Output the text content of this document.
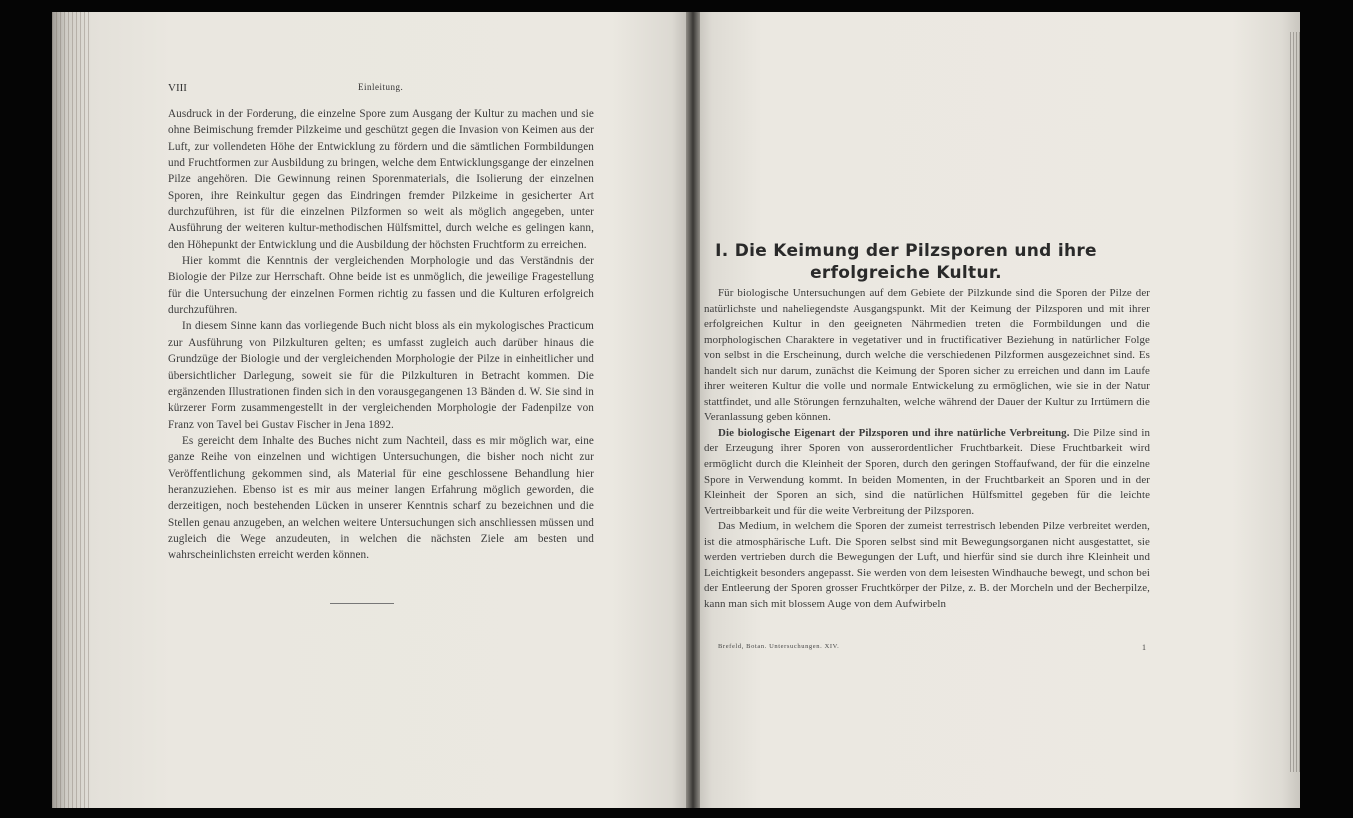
VIII	Einleitung.

Ausdruck in der Forderung, die einzelne Spore zum Ausgang der Kultur zu machen und sie ohne Beimischung fremder Pilzkeime und geschützt gegen die Invasion von Keimen aus der Luft, zur vollendeten Höhe der Entwicklung zu fördern und die sämtlichen Formbildungen und Fruchtformen zur Ausbildung zu bringen, welche dem Entwicklungsgange der einzelnen Pilze angehören. Die Gewinnung reinen Sporenmaterials, die Isolierung der einzelnen Sporen, ihre Reinkultur gegen das Eindringen fremder Pilzkeime in gesicherter Art durchzuführen, ist für die einzelnen Pilzformen so weit als möglich angegeben, unter Ausführung der weiteren kultur-methodischen Hülfsmittel, durch welche es gelingen kann, den Höhepunkt der Entwicklung und die Ausbildung der höchsten Fruchtform zu erreichen.

Hier kommt die Kenntnis der vergleichenden Morphologie und das Verständnis der Biologie der Pilze zur Herrschaft. Ohne beide ist es unmöglich, die jeweilige Fragestellung für die Untersuchung der einzelnen Formen richtig zu fassen und die Kulturen erfolgreich durchzuführen.

In diesem Sinne kann das vorliegende Buch nicht bloss als ein mykologisches Practicum zur Ausführung von Pilzkulturen gelten; es umfasst zugleich auch darüber hinaus die Grundzüge der Biologie und der vergleichenden Morphologie der Pilze in einheitlicher und übersichtlicher Darlegung, soweit sie für die Pilzkulturen in Betracht kommen. Die ergänzenden Illustrationen finden sich in den vorausgegangenen 13 Bänden d. W. Sie sind in kürzerer Form zusammengestellt in der vergleichenden Morphologie der Fadenpilze von Franz von Tavel bei Gustav Fischer in Jena 1892.

Es gereicht dem Inhalte des Buches nicht zum Nachteil, dass es mir möglich war, eine ganze Reihe von einzelnen und wichtigen Untersuchungen, die bisher noch nicht zur Veröffentlichung gekommen sind, als Material für eine geschlossene Behandlung hier heranzuziehen. Ebenso ist es mir aus meiner langen Erfahrung möglich geworden, die derzeitigen, noch bestehenden Lücken in unserer Kenntnis scharf zu bezeichnen und die Stellen genau anzugeben, an welchen weitere Untersuchungen sich anschliessen müssen und zugleich die Wege anzudeuten, in welchen die nächsten Ziele am besten und wahrscheinlichsten erreicht werden können.

I. Die Keimung der Pilzsporen und ihre
erfolgreiche Kultur.

Für biologische Untersuchungen auf dem Gebiete der Pilzkunde sind die Sporen der Pilze der natürlichste und naheliegendste Ausgangspunkt. Mit der Keimung der Pilzsporen und mit ihrer erfolgreichen Kultur in den geeigneten Nährmedien treten die Formbildungen und die morphologischen Charaktere in vegetativer und in fructificativer Beziehung in natürlicher Folge von selbst in die Erscheinung, durch welche die verschiedenen Pilzformen ausgezeichnet sind. Es handelt sich nur darum, zunächst die Keimung der Sporen sicher zu erreichen und dann im Laufe ihrer weiteren Kultur die volle und normale Entwickelung zu ermöglichen, wie sie in der Natur stattfindet, und alle Störungen fernzuhalten, welche während der Dauer der Kultur zu Irrtümern die Veranlassung geben können.

Die biologische Eigenart der Pilzsporen und ihre natürliche Verbreitung. Die Pilze sind in der Erzeugung ihrer Sporen von ausserordentlicher Fruchtbarkeit. Diese Fruchtbarkeit wird ermöglicht durch die Kleinheit der Sporen, durch den geringen Stoffaufwand, der für die einzelne Spore in Verwendung kommt. In beiden Momenten, in der Fruchtbarkeit an Sporen und in der Kleinheit der Sporen an sich, sind die natürlichen Hülfsmittel gegeben für die leichte Vertreibbarkeit und für die weite Verbreitung der Pilzsporen.

Das Medium, in welchem die Sporen der zumeist terrestrisch lebenden Pilze verbreitet werden, ist die atmosphärische Luft. Die Sporen selbst sind mit Bewegungsorganen nicht ausgestattet, sie werden vertrieben durch die Bewegungen der Luft, und hierfür sind sie durch ihre Kleinheit und Leichtigkeit besonders angepasst. Sie werden von dem leisesten Windhauche bewegt, und schon bei der Entleerung der Sporen grosser Fruchtkörper der Pilze, z. B. der Morcheln und der Becherpilze, kann man sich mit blossem Auge von dem Aufwirbeln

Brefeld, Botan. Untersuchungen. XIV.	1
